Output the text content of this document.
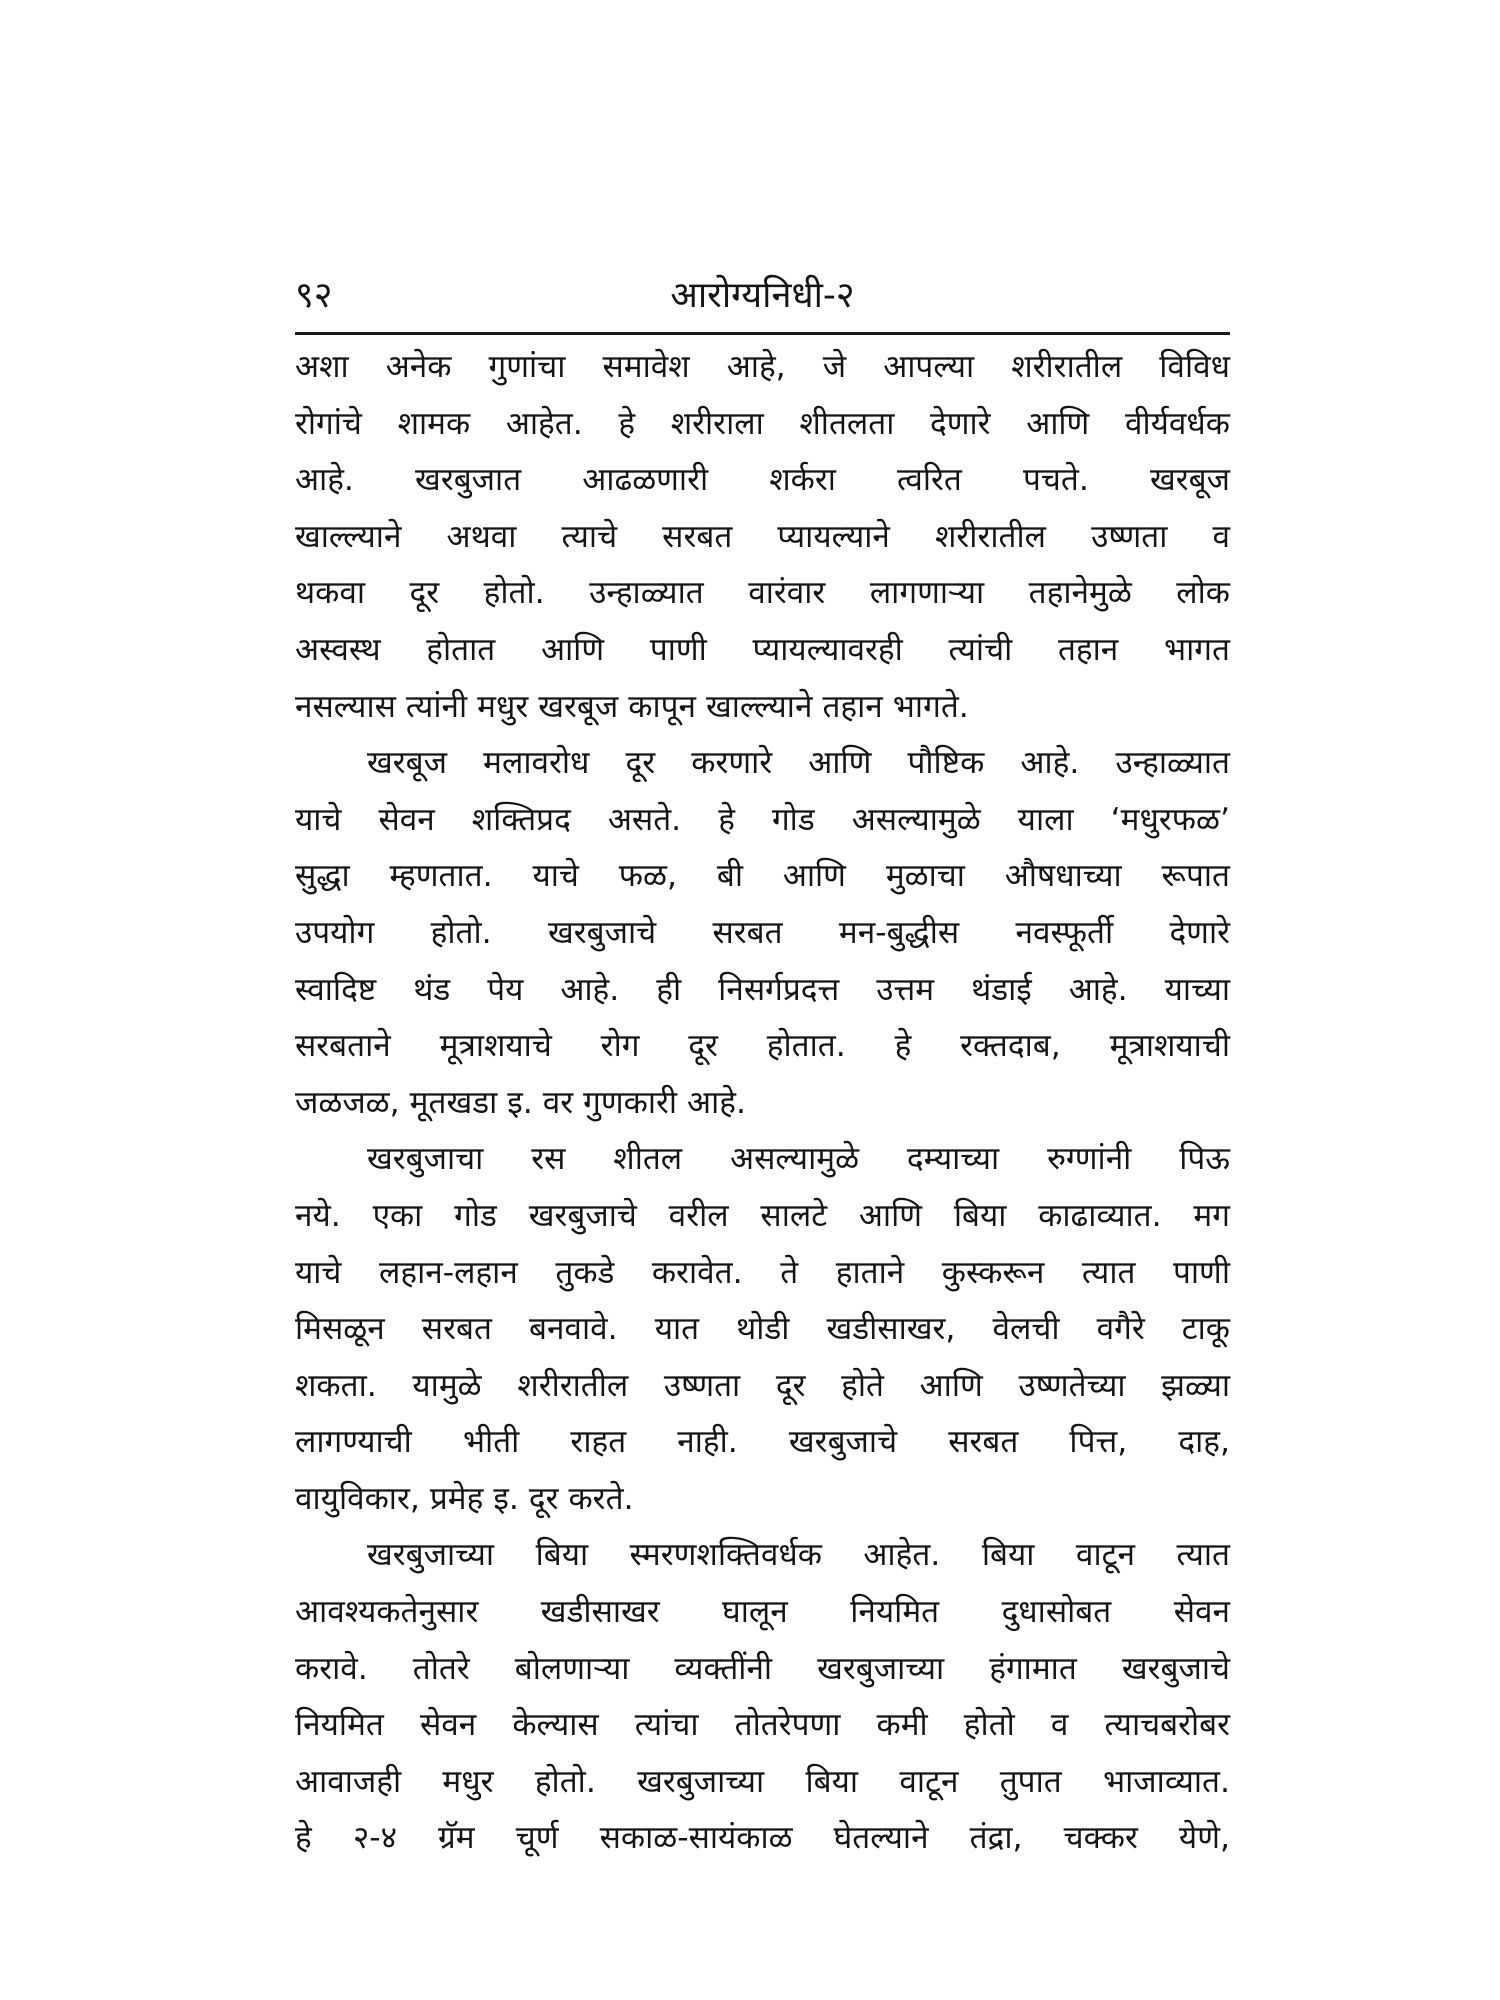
९२	आरोग्यनिधी-२
अशा अनेक गुणांचा समावेश आहे, जे आपल्या शरीरातील विविध
रोगांचे शामक आहेत. हे शरीराला शीतलता देणारे आणि वीर्यवर्धक
आहे. खरबुजात आढळणारी शर्करा त्वरित पचते. खरबूज
खाल्ल्याने अथवा त्याचे सरबत प्यायल्याने शरीरातील उष्णता व
थकवा दूर होतो. उन्हाळ्यात वारंवार लागणाऱ्या तहानेमुळे लोक
अस्वस्थ होतात आणि पाणी प्यायल्यावरही त्यांची तहान भागत
नसल्यास त्यांनी मधुर खरबूज कापून खाल्ल्याने तहान भागते.
खरबूज मलावरोध दूर करणारे आणि पौष्टिक आहे. उन्हाळ्यात
याचे सेवन शक्तिप्रद असते. हे गोड असल्यामुळे याला ‘मधुरफळ’
सुद्धा म्हणतात. याचे फळ, बी आणि मुळाचा औषधाच्या रूपात
उपयोग होतो. खरबुजाचे सरबत मन-बुद्धीस नवस्फूर्ती देणारे
स्वादिष्ट थंड पेय आहे. ही निसर्गप्रदत्त उत्तम थंडाई आहे. याच्या
सरबताने मूत्राशयाचे रोग दूर होतात. हे रक्तदाब, मूत्राशयाची
जळजळ, मूतखडा इ. वर गुणकारी आहे.
खरबुजाचा रस शीतल असल्यामुळे दम्याच्या रुग्णांनी पिऊ
नये. एका गोड खरबुजाचे वरील सालटे आणि बिया काढाव्यात. मग
याचे लहान-लहान तुकडे करावेत. ते हाताने कुस्करून त्यात पाणी
मिसळून सरबत बनवावे. यात थोडी खडीसाखर, वेलची वगैरे टाकू
शकता. यामुळे शरीरातील उष्णता दूर होते आणि उष्णतेच्या झळ्या
लागण्याची भीती राहत नाही. खरबुजाचे सरबत पित्त, दाह,
वायुविकार, प्रमेह इ. दूर करते.
खरबुजाच्या बिया स्मरणशक्तिवर्धक आहेत. बिया वाटून त्यात
आवश्यकतेनुसार खडीसाखर घालून नियमित दुधासोबत सेवन
करावे. तोतरे बोलणाऱ्या व्यक्तींनी खरबुजाच्या हंगामात खरबुजाचे
नियमित सेवन केल्यास त्यांचा तोतरेपणा कमी होतो व त्याचबरोबर
आवाजही मधुर होतो. खरबुजाच्या बिया वाटून तुपात भाजाव्यात.
हे २-४ ग्रॅम चूर्ण सकाळ-सायंकाळ घेतल्याने तंद्रा, चक्कर येणे,
